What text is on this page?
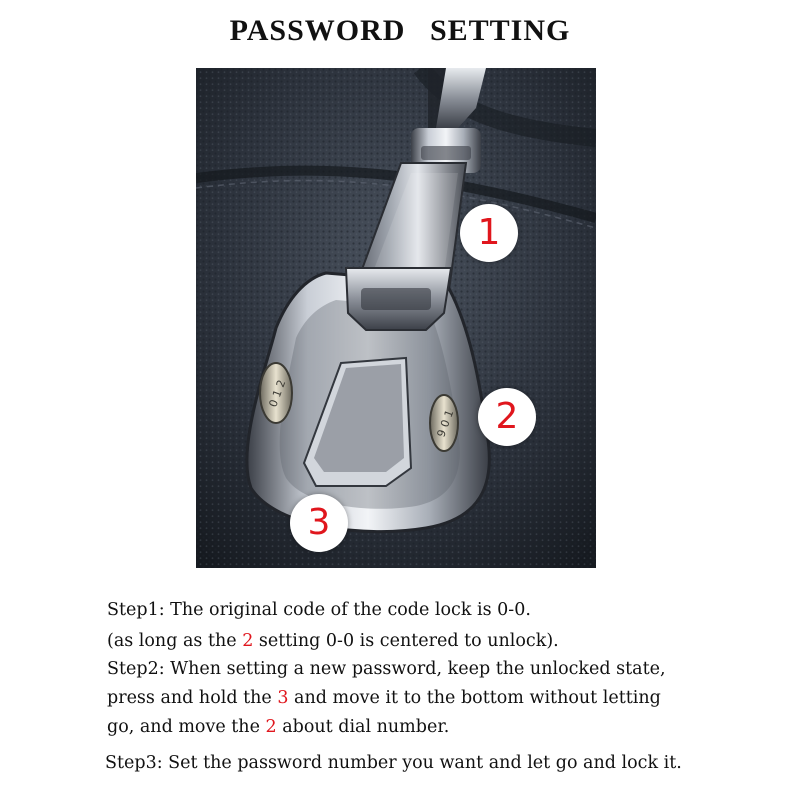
PASSWORD SETTING
0 1 2
9 0 1
1
2
3
Step1: The original code of the code lock is 0-0.
(as long as the 2 setting 0-0 is centered to unlock).
Step2: When setting a new password, keep the unlocked state,
press and hold the 3 and move it to the bottom without letting
go, and move the 2 about dial number.
Step3: Set the password number you want and let go and lock it.
